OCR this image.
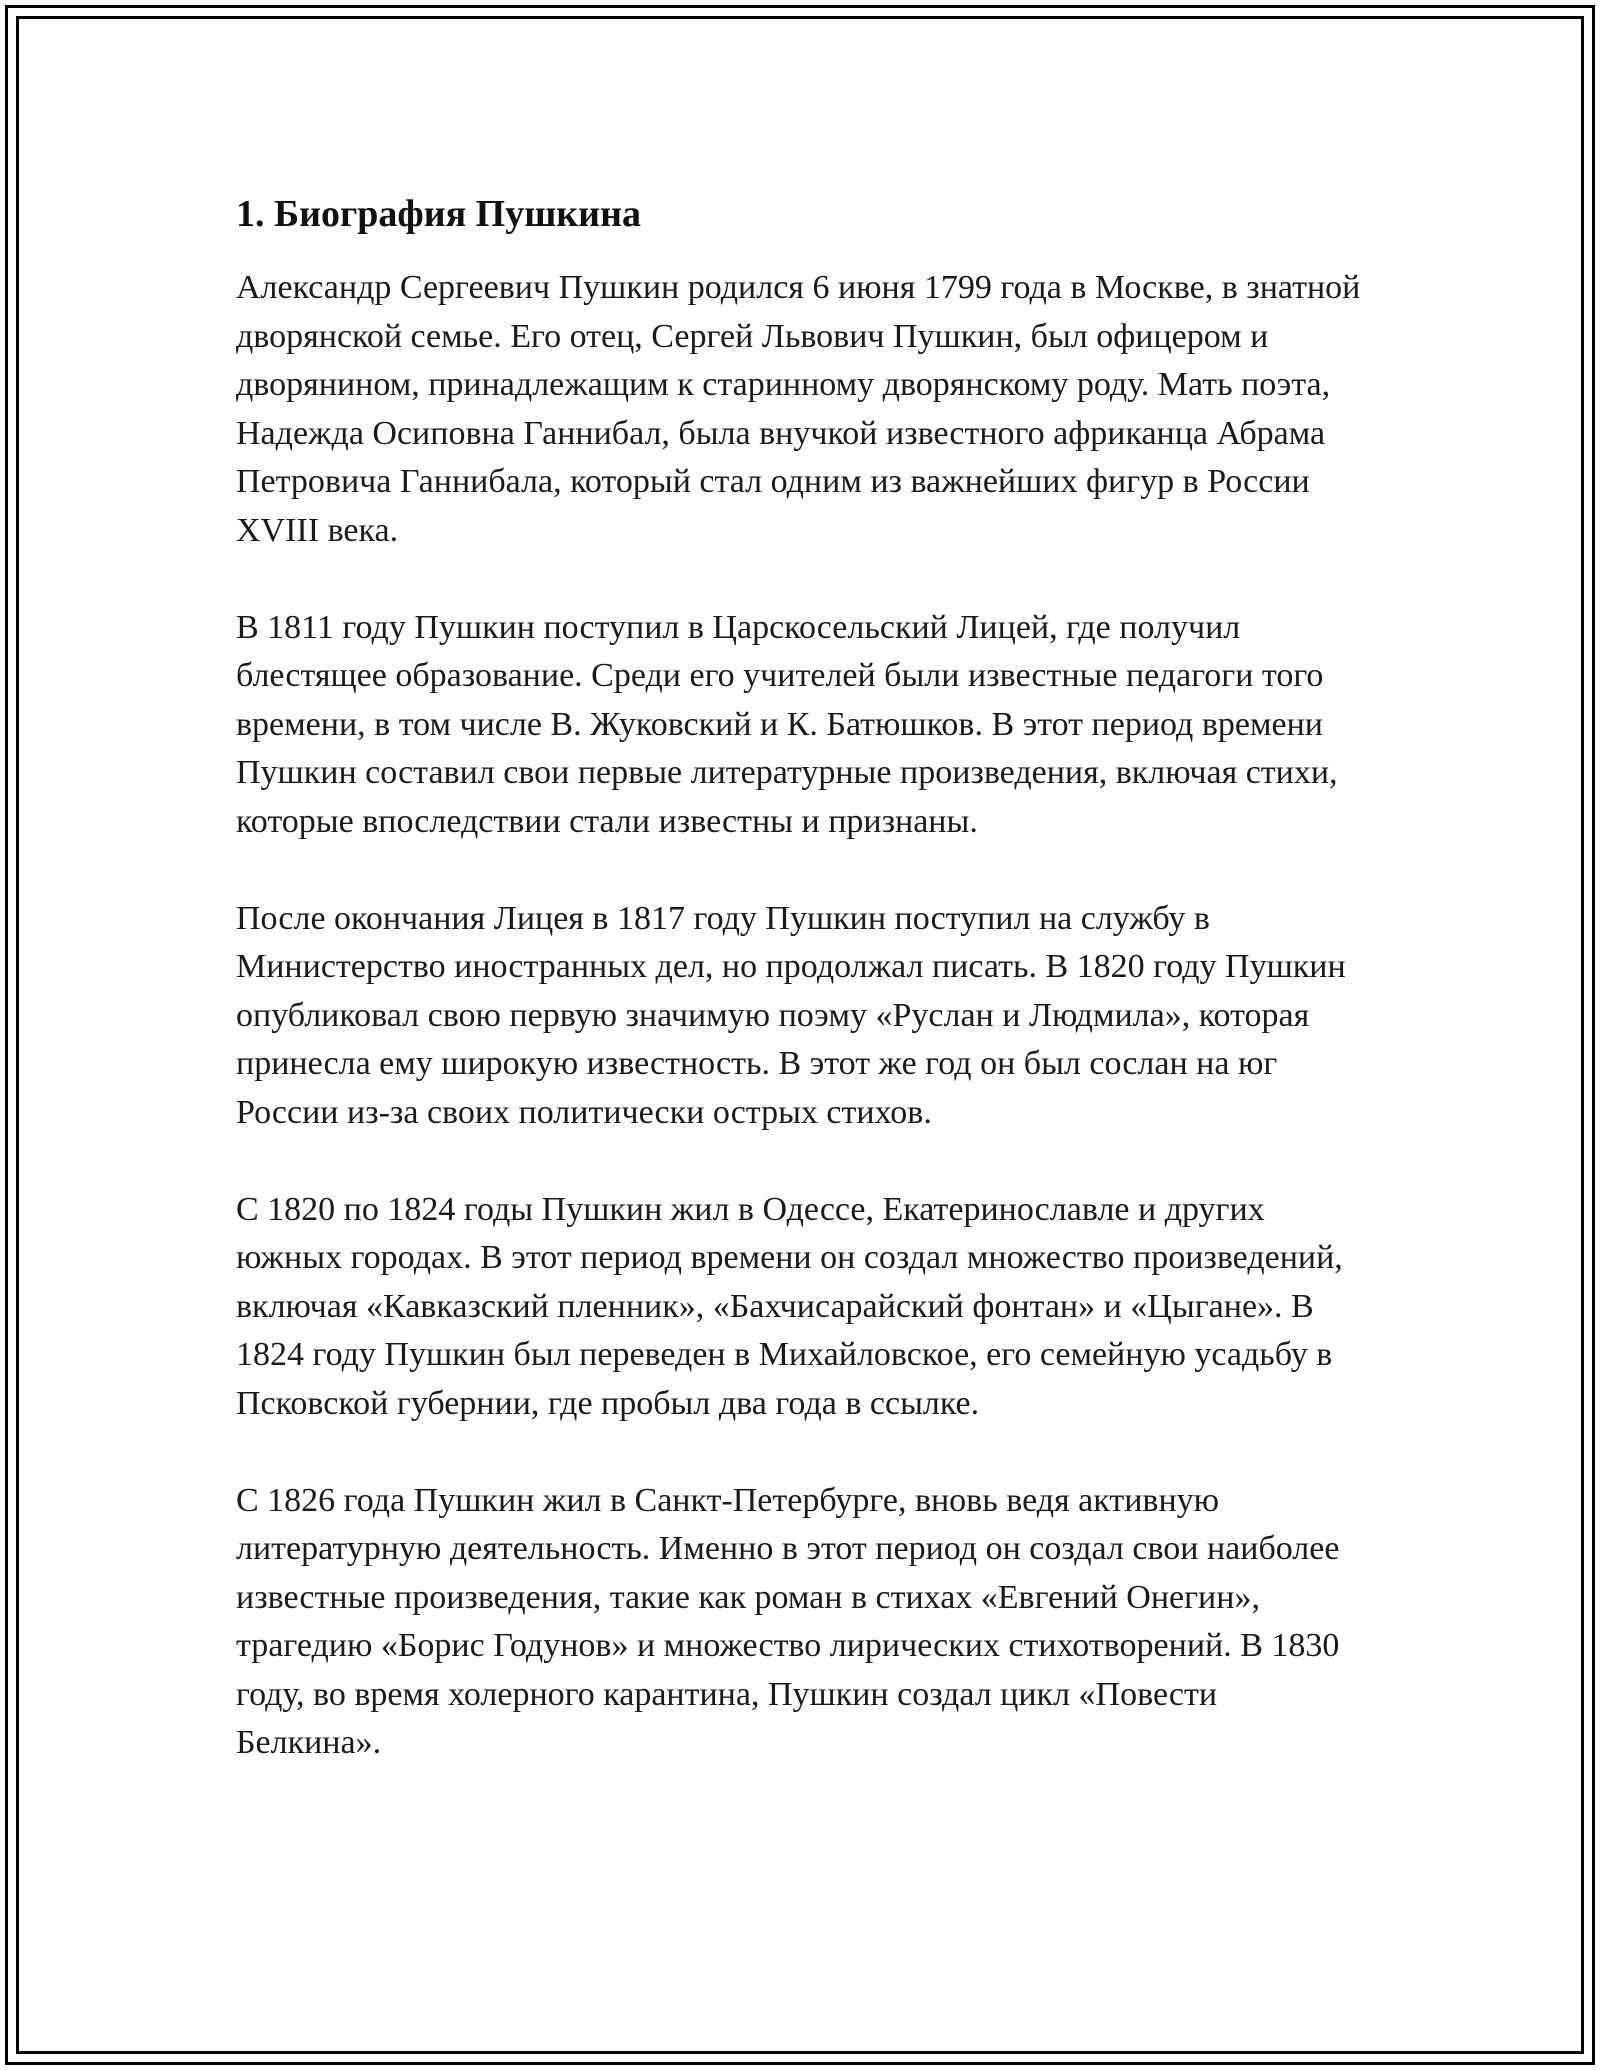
1. Биография Пушкина

Александр Сергеевич Пушкин родился 6 июня 1799 года в Москве, в знатной дворянской семье. Его отец, Сергей Львович Пушкин, был офицером и дворянином, принадлежащим к старинному дворянскому роду. Мать поэта, Надежда Осиповна Ганнибал, была внучкой известного африканца Абрама Петровича Ганнибала, который стал одним из важнейших фигур в России XVIII века.

В 1811 году Пушкин поступил в Царскосельский Лицей, где получил блестящее образование. Среди его учителей были известные педагоги того времени, в том числе В. Жуковский и К. Батюшков. В этот период времени Пушкин составил свои первые литературные произведения, включая стихи, которые впоследствии стали известны и признаны.

После окончания Лицея в 1817 году Пушкин поступил на службу в Министерство иностранных дел, но продолжал писать. В 1820 году Пушкин опубликовал свою первую значимую поэму «Руслан и Людмила», которая принесла ему широкую известность. В этот же год он был сослан на юг России из-за своих политически острых стихов.

С 1820 по 1824 годы Пушкин жил в Одессе, Екатеринославле и других южных городах. В этот период времени он создал множество произведений, включая «Кавказский пленник», «Бахчисарайский фонтан» и «Цыгане». В 1824 году Пушкин был переведен в Михайловское, его семейную усадьбу в Псковской губернии, где пробыл два года в ссылке.

С 1826 года Пушкин жил в Санкт-Петербурге, вновь ведя активную литературную деятельность. Именно в этот период он создал свои наиболее известные произведения, такие как роман в стихах «Евгений Онегин», трагедию «Борис Годунов» и множество лирических стихотворений. В 1830 году, во время холерного карантина, Пушкин создал цикл «Повести Белкина».
